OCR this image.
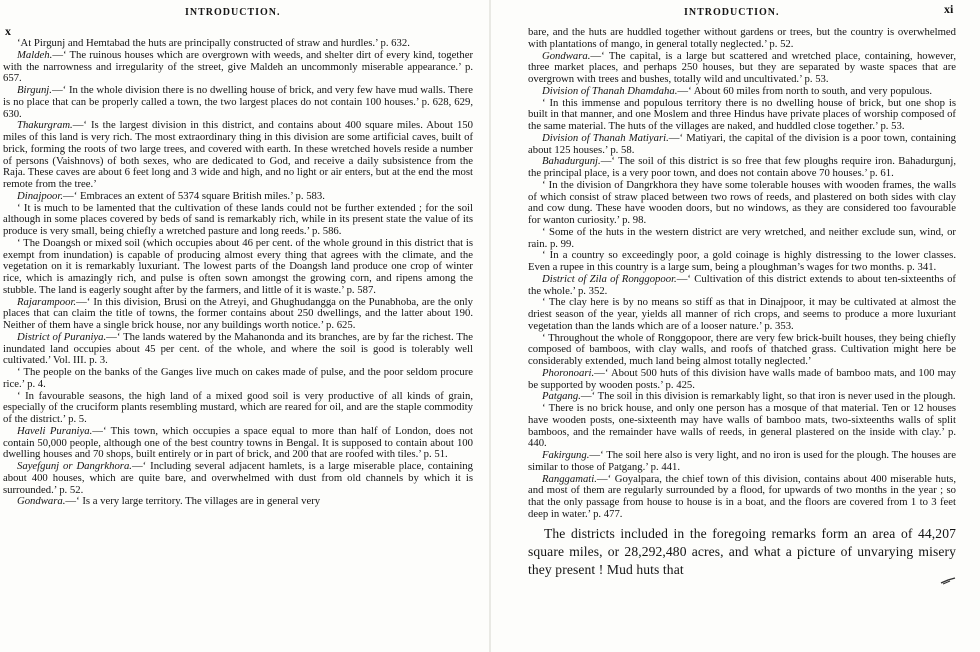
INTRODUCTION.
x

‘At Pirgunj and Hemtabad the huts are principally constructed of straw and hurdles.’ p. 632.

Maldeh.—‘ The ruinous houses which are overgrown with weeds, and shelter dirt of every kind, together with the narrowness and irregularity of the street, give Maldeh an uncommonly miserable appearance.’ p. 657.

Birgunj.—‘ In the whole division there is no dwelling house of brick, and very few have mud walls. There is no place that can be properly called a town, the two largest places do not contain 100 houses.’ p. 628, 629, 630.

Thakurgram.—‘ Is the largest division in this district, and contains about 400 square miles. About 150 miles of this land is very rich. The most extraordinary thing in this division are some artificial caves, built of brick, forming the roots of two large trees, and covered with earth. In these wretched hovels reside a number of persons (Vaishnovs) of both sexes, who are dedicated to God, and receive a daily subsistence from the Raja. These caves are about 6 feet long and 3 wide and high, and no light or air enters, but at the end the most remote from the tree.’

Dinajpoor.—‘ Embraces an extent of 5374 square British miles.’ p. 583.

‘ It is much to be lamented that the cultivation of these lands could not be further extended ; for the soil although in some places covered by beds of sand is remarkably rich, while in its present state the value of its produce is very small, being chiefly a wretched pasture and long reeds.’ p. 586.

‘ The Doangsh or mixed soil (which occupies about 46 per cent. of the whole ground in this district that is exempt from inundation) is capable of producing almost every thing that agrees with the climate, and the vegetation on it is remarkably luxuriant. The lowest parts of the Doangsh land produce one crop of winter rice, which is amazingly rich, and pulse is often sown amongst the growing corn, and ripens among the stubble. The land is eagerly sought after by the farmers, and little of it is waste.’ p. 587.

Rajarampoor.—‘ In this division, Brusi on the Atreyi, and Ghughudangga on the Punabhoba, are the only places that can claim the title of towns, the former contains about 250 dwellings, and the latter about 190. Neither of them have a single brick house, nor any buildings worth notice.’ p. 625.

District of Puraniya.—‘ The lands watered by the Mahanonda and its branches, are by far the richest. The inundated land occupies about 45 per cent. of the whole, and where the soil is good is tolerably well cultivated.’ Vol. III. p. 3.

‘ The people on the banks of the Ganges live much on cakes made of pulse, and the poor seldom procure rice.’ p. 4.

‘ In favourable seasons, the high land of a mixed good soil is very productive of all kinds of grain, especially of the cruciform plants resembling mustard, which are reared for oil, and are the staple commodity of the district.’ p. 5.

Haveli Puraniya.—‘ This town, which occupies a space equal to more than half of London, does not contain 50,000 people, although one of the best country towns in Bengal. It is supposed to contain about 100 dwelling houses and 70 shops, built entirely or in part of brick, and 200 that are roofed with tiles.’ p. 51.

Sayefgunj or Dangrkhora.—‘ Including several adjacent hamlets, is a large miserable place, containing about 400 houses, which are quite bare, and overwhelmed with dust from old channels by which it is surrounded.’ p. 52.

Gondwara.—‘ Is a very large territory. The villages are in general very

INTRODUCTION.	xi

bare, and the huts are huddled together without gardens or trees, but the country is overwhelmed with plantations of mango, in general totally neglected.’ p. 52.

Gondwara.—‘ The capital, is a large but scattered and wretched place, containing, however, three market places, and perhaps 250 houses, but they are separated by waste spaces that are overgrown with trees and bushes, totally wild and uncultivated.’ p. 53.

Division of Thanah Dhamdaha.—‘ About 60 miles from north to south, and very populous.

‘ In this immense and populous territory there is no dwelling house of brick, but one shop is built in that manner, and one Moslem and three Hindus have private places of worship composed of the same material. The huts of the villages are naked, and huddled close together.’ p. 53.

Division of Thanah Matiyari.—‘ Matiyari, the capital of the division is a poor town, containing about 125 houses.’ p. 58.

Bahadurgunj.—‘ The soil of this district is so free that few ploughs require iron. Bahadurgunj, the principal place, is a very poor town, and does not contain above 70 houses.’ p. 61.

‘ In the division of Dangrkhora they have some tolerable houses with wooden frames, the walls of which consist of straw placed between two rows of reeds, and plastered on both sides with clay and cow dung. These have wooden doors, but no windows, as they are considered too favourable for wanton curiosity.’ p. 98.

‘ Some of the huts in the western district are very wretched, and neither exclude sun, wind, or rain. p. 99.

‘ In a country so exceedingly poor, a gold coinage is highly distressing to the lower classes. Even a rupee in this country is a large sum, being a ploughman’s wages for two months. p. 341.

District of Zila of Ronggopoor.—‘ Cultivation of this district extends to about ten-sixteenths of the whole.’ p. 352.

‘ The clay here is by no means so stiff as that in Dinajpoor, it may be cultivated at almost the driest season of the year, yields all manner of rich crops, and seems to produce a more luxuriant vegetation than the lands which are of a looser nature.’ p. 353.

‘ Throughout the whole of Ronggopoor, there are very few brick-built houses, they being chiefly composed of bamboos, with clay walls, and roofs of thatched grass. Cultivation might here be considerably extended, much land being almost totally neglected.’

Phoronoari.—‘ About 500 huts of this division have walls made of bamboo mats, and 100 may be supported by wooden posts.’ p. 425.

Patgang.—‘ The soil in this division is remarkably light, so that iron is never used in the plough.

‘ There is no brick house, and only one person has a mosque of that material. Ten or 12 houses have wooden posts, one-sixteenth may have walls of bamboo mats, two-sixteenths walls of split bamboos, and the remainder have walls of reeds, in general plastered on the inside with clay.’ p. 440.

Fakirgung.—‘ The soil here also is very light, and no iron is used for the plough. The houses are similar to those of Patgang.’ p. 441.

Ranggamati.—‘ Goyalpara, the chief town of this division, contains about 400 miserable huts, and most of them are regularly surrounded by a flood, for upwards of two months in the year ; so that the only passage from house to house is in a boat, and the floors are covered from 1 to 3 feet deep in water.’ p. 477.

The districts included in the foregoing remarks form an area of 44,207 square miles, or 28,292,480 acres, and what a picture of unvarying misery they present ! Mud huts that
